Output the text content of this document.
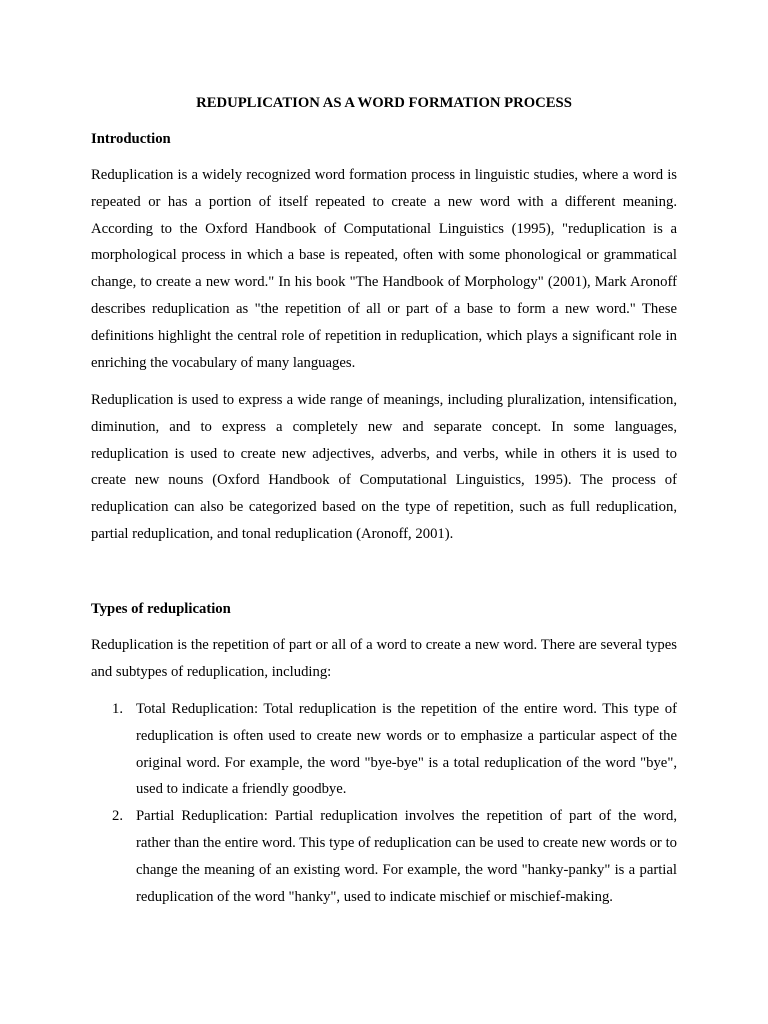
REDUPLICATION AS A WORD FORMATION PROCESS
Introduction

Reduplication is a widely recognized word formation process in linguistic studies, where a word is repeated or has a portion of itself repeated to create a new word with a different meaning. According to the Oxford Handbook of Computational Linguistics (1995), "reduplication is a morphological process in which a base is repeated, often with some phonological or grammatical change, to create a new word." In his book "The Handbook of Morphology" (2001), Mark Aronoff describes reduplication as "the repetition of all or part of a base to form a new word." These definitions highlight the central role of repetition in reduplication, which plays a significant role in enriching the vocabulary of many languages.

Reduplication is used to express a wide range of meanings, including pluralization, intensification, diminution, and to express a completely new and separate concept. In some languages, reduplication is used to create new adjectives, adverbs, and verbs, while in others it is used to create new nouns (Oxford Handbook of Computational Linguistics, 1995). The process of reduplication can also be categorized based on the type of repetition, such as full reduplication, partial reduplication, and tonal reduplication (Aronoff, 2001).

Types of reduplication

Reduplication is the repetition of part or all of a word to create a new word. There are several types and subtypes of reduplication, including:

1. Total Reduplication: Total reduplication is the repetition of the entire word. This type of reduplication is often used to create new words or to emphasize a particular aspect of the original word. For example, the word "bye-bye" is a total reduplication of the word "bye", used to indicate a friendly goodbye.
2. Partial Reduplication: Partial reduplication involves the repetition of part of the word, rather than the entire word. This type of reduplication can be used to create new words or to change the meaning of an existing word. For example, the word "hanky-panky" is a partial reduplication of the word "hanky", used to indicate mischief or mischief-making.
